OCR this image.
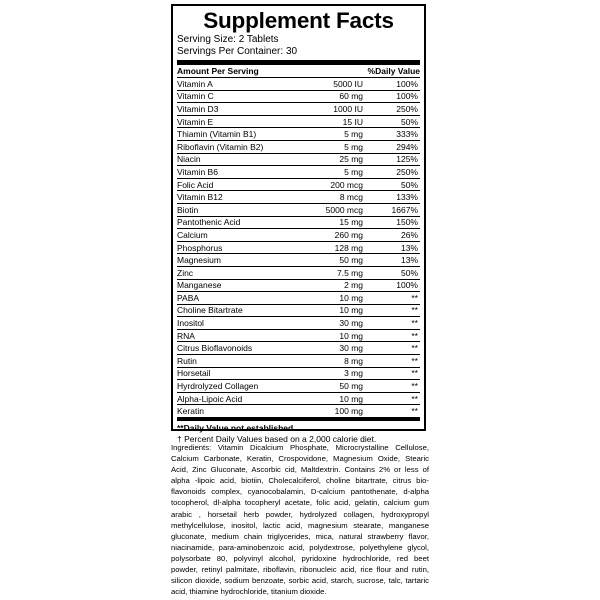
Supplement Facts
Serving Size: 2 Tablets
Servings Per Container: 30
Amount Per Serving	%Daily Value
Vitamin A	5000 IU	100%
Vitamin C	60 mg	100%
Vitamin D3	1000 IU	250%
Vitamin E	15 IU	50%
Thiamin (Vitamin B1)	5 mg	333%
Riboflavin (Vitamin B2)	5 mg	294%
Niacin	25 mg	125%
Vitamin B6	5 mg	250%
Folic Acid	200 mcg	50%
Vitamin B12	8 mcg	133%
Biotin	5000 mcg	1667%
Pantothenic Acid	15 mg	150%
Calcium	260 mg	26%
Phosphorus	128 mg	13%
Magnesium	50 mg	13%
Zinc	7.5 mg	50%
Manganese	2 mg	100%
PABA	10 mg	**
Choline Bitartrate	10 mg	**
Inositol	30 mg	**
RNA	10 mg	**
Citrus Bioflavonoids	30 mg	**
Rutin	8 mg	**
Horsetail	3 mg	**
Hyrdrolyzed Collagen	50 mg	**
Alpha-Lipoic Acid	10 mg	**
Keratin	100 mg	**
**Daily Value not established.
† Percent Daily Values based on a 2,000 calorie diet.
Ingredients: Vitamin Dicalcium Phosphate, Microcrystalline Cellulose, Calcium Carbonate, Keratin, Crospovidone, Magnesium Oxide, Stearic Acid, Zinc Gluconate, Ascorbic cid, Maltdextrin. Contains 2% or less of alpha -lipoic acid, biotiin, Cholecalciferol, choline bitartrate, citrus bio-flavonoids complex, cyanocobalamin, D-calcium pantothenate, d-alpha tocopherol, dl-alpha tocopheryl acetate, folic acid, gelatin, calcium gum arabic , horsetail herb powder, hydrolyzed collagen, hydroxypropyl methylcellulose, inositol, lactic acid, magnesium stearate, manganese gluconate, medium chain triglycerides, mica, natural strawberry flavor, niacinamide, para-aminobenzoic acid, polydextrose, polyethylene glycol, polysorbate 80, polyvinyl alcohol, pyridoxine hydrochloride, red beet powder, retinyl palmitate, riboflavin, ribonucleic acid, rice flour and rutin, silicon dioxide, sodium benzoate, sorbic acid, starch, sucrose, talc, tartaric acid, thiamine hydrochloride, titanium dioxide.
